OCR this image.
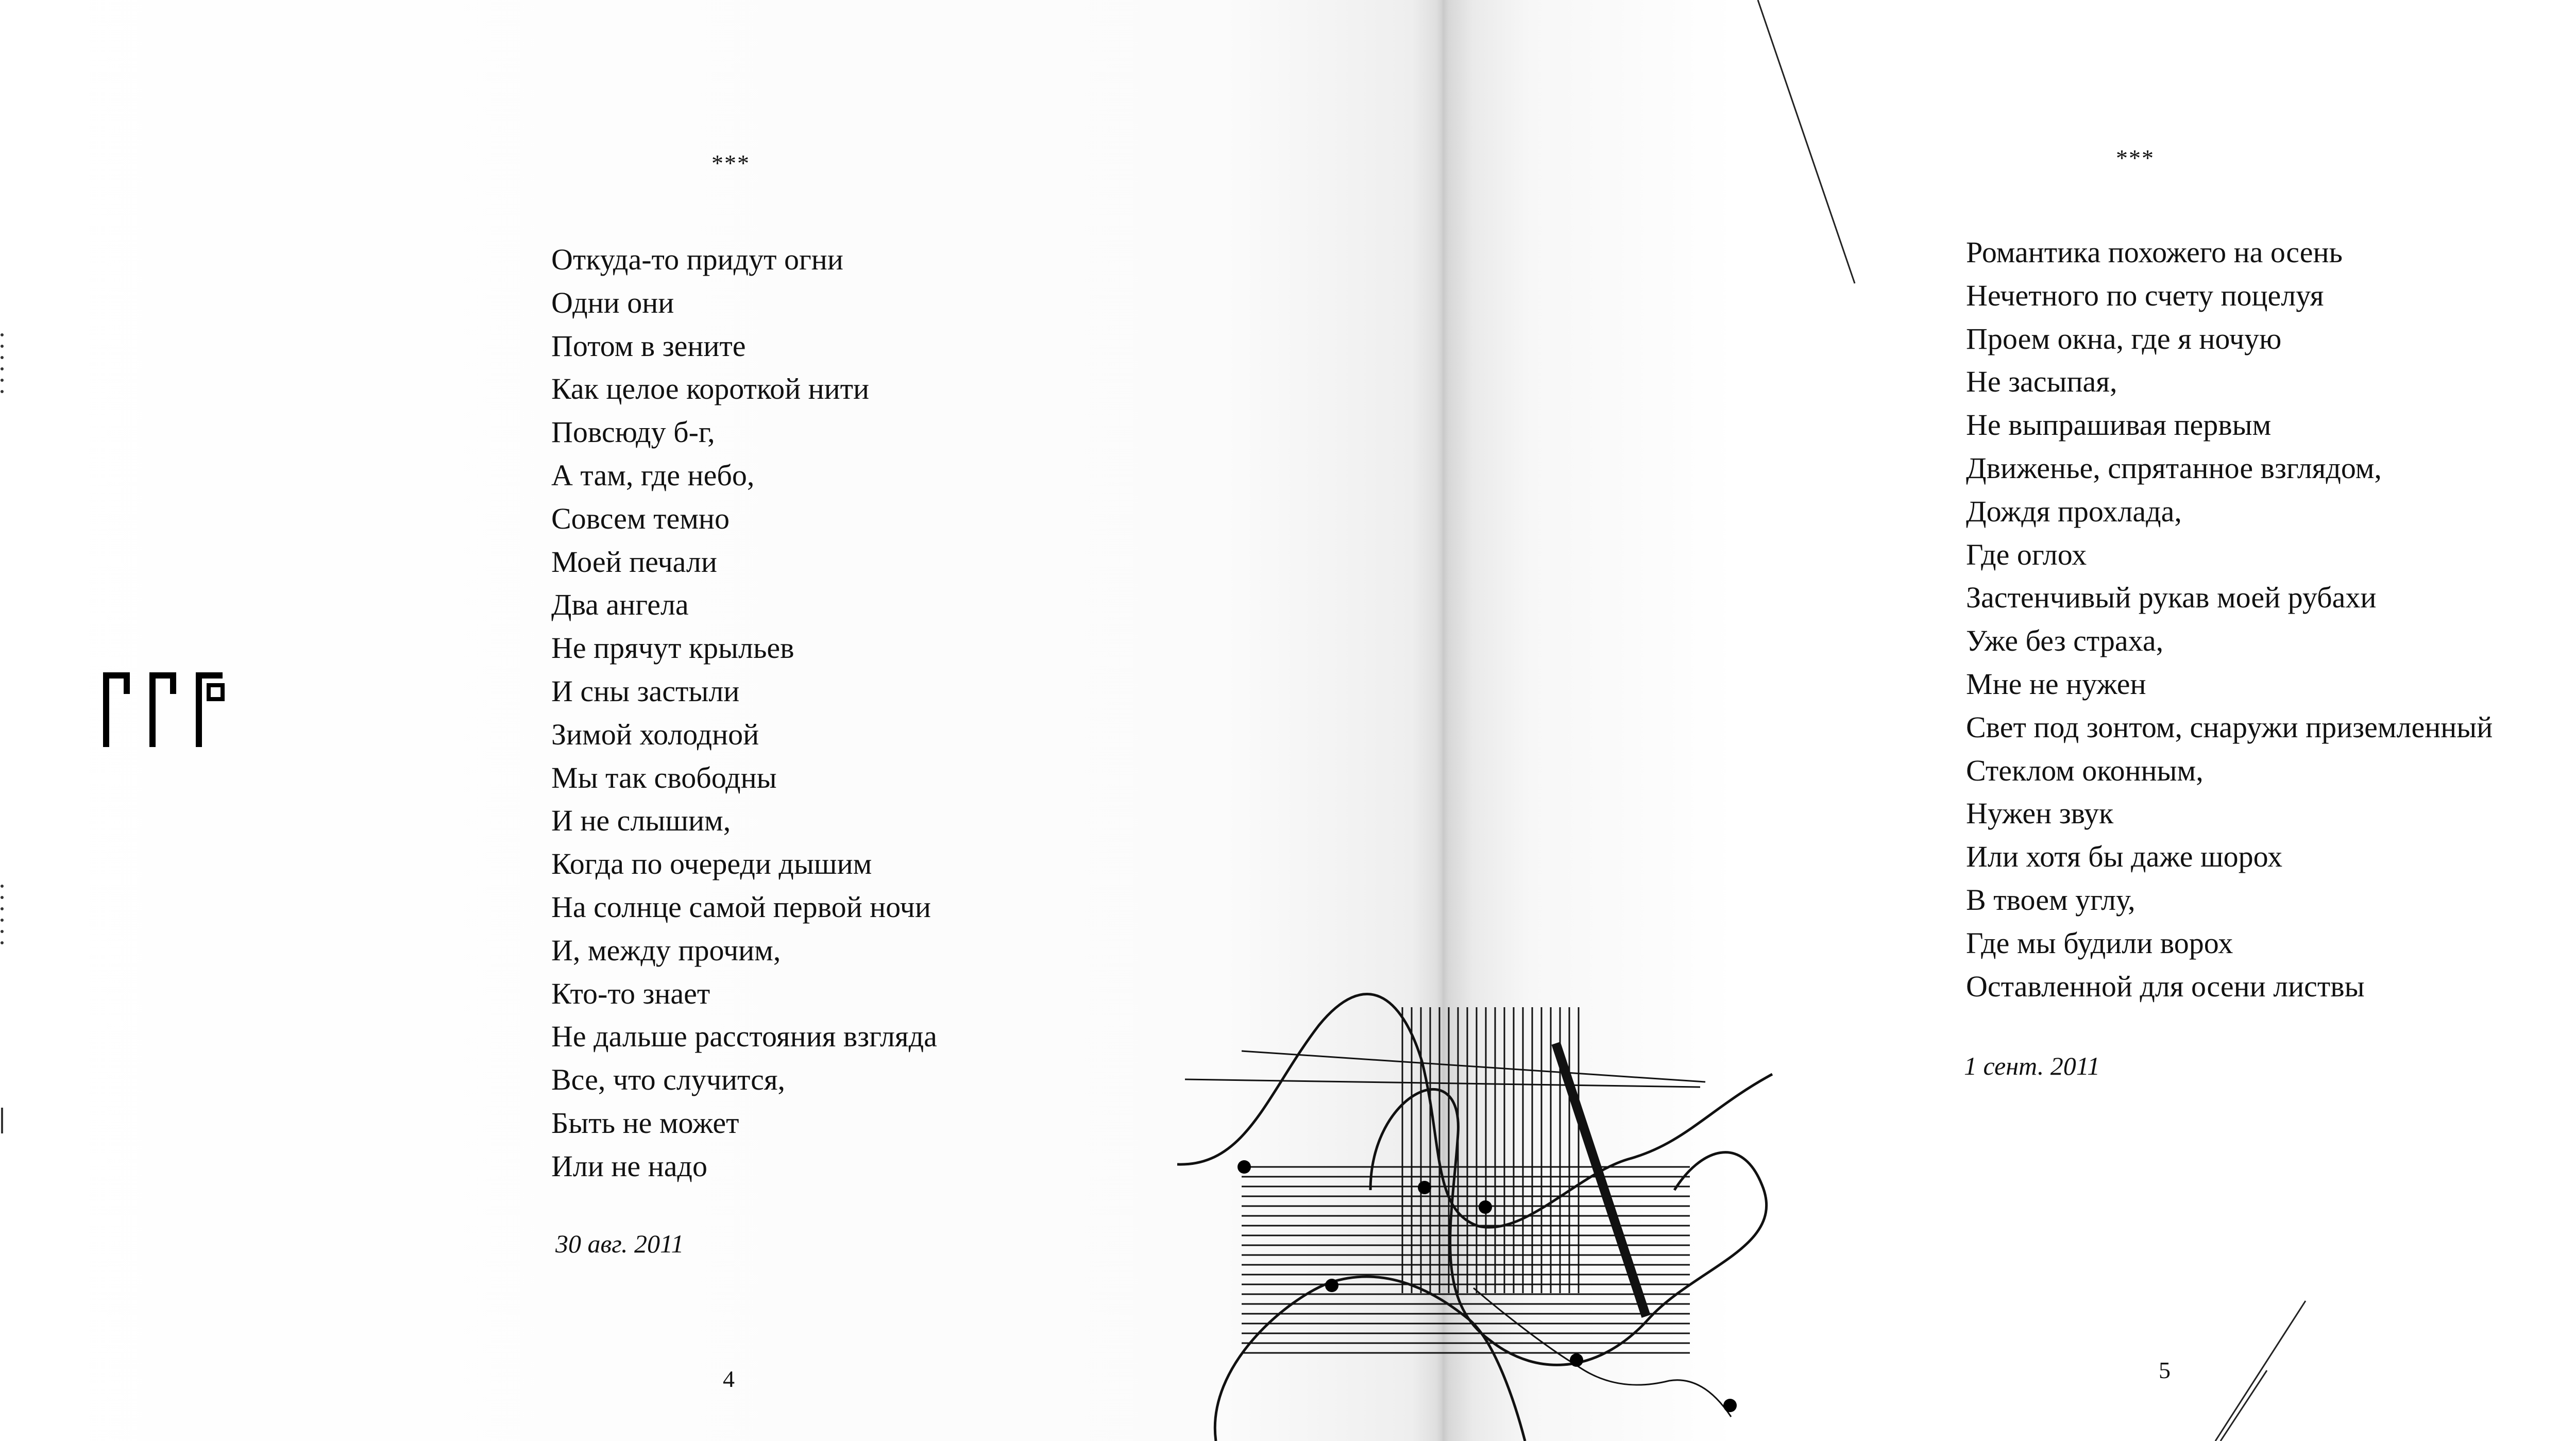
***
Откуда-то придут огни
Одни они
Потом в зените
Как целое короткой нити
Повсюду б-г,
А там, где небо,
Совсем темно
Моей печали
Два ангела
Не прячут крыльев
И сны застыли
Зимой холодной
Мы так свободны
И не слышим,
Когда по очереди дышим
На солнце самой первой ночи
И, между прочим,
Кто-то знает
Не дальше расстояния взгляда
Все, что случится,
Быть не может
Или не надо
30 авг. 2011
4
***
Романтика похожего на осень
Нечетного по счету поцелуя
Проем окна, где я ночую
Не засыпая,
Не выпрашивая первым
Движенье, спрятанное взглядом,
Дождя прохлада,
Где оглох
Застенчивый рукав моей рубахи
Уже без страха,
Мне не нужен
Свет под зонтом, снаружи приземленный
Стеклом оконным,
Нужен звук
Или хотя бы даже шорох
В твоем углу,
Где мы будили ворох
Оставленной для осени листвы
1 сент. 2011
5
